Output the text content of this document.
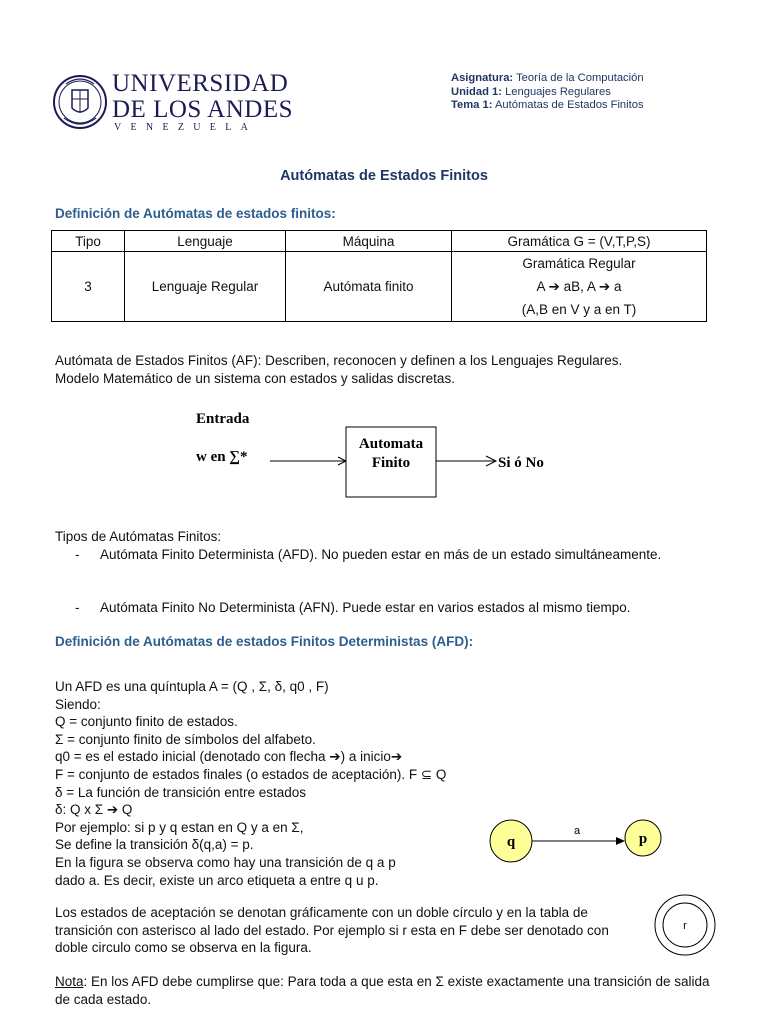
UNIVERSIDAD
DE LOS ANDES
VENEZUELA
Asignatura: Teoría de la Computación
Unidad 1: Lenguajes Regulares
Tema 1: Autómatas de Estados Finitos
Autómatas de Estados Finitos
Definición de Autómatas de estados finitos:
Tipo	Lenguaje	Máquina	Gramática G = (V,T,P,S)
3	Lenguaje Regular	Autómata finito	Gramática Regular
A ➔ aB, A ➔ a
(A,B en V y a en T)
Autómata de Estados Finitos (AF): Describen, reconocen y definen a los Lenguajes Regulares.
Modelo Matemático de un sistema con estados y salidas discretas.
Entrada
w en ∑*
Automata
Finito	Si ó No
Tipos de Autómatas Finitos:
- Autómata Finito Determinista (AFD). No pueden estar en más de un estado simultáneamente.
- Autómata Finito No Determinista (AFN). Puede estar en varios estados al mismo tiempo.
Definición de Autómatas de estados Finitos Deterministas (AFD):
Un AFD es una quíntupla A = (Q , Σ, δ, q0 , F)
Siendo:
Q = conjunto finito de estados.
Σ = conjunto finito de símbolos del alfabeto.
q0 = es el estado inicial (denotado con flecha ➔) a inicio➔
F = conjunto de estados finales (o estados de aceptación). F ⊆ Q
δ = La función de transición entre estados
δ: Q x Σ ➔ Q
Por ejemplo: si p y q estan en Q y a en Σ,
Se define la transición δ(q,a) = p.
En la figura se observa como hay una transición de q a p
dado a. Es decir, existe un arco etiqueta a entre q u p.
q
a	p
Los estados de aceptación se denotan gráficamente con un doble círculo y en la tabla de transición con asterisco al lado del estado. Por ejemplo si r esta en F debe ser denotado con doble circulo como se observa en la figura.
r
Nota: En los AFD debe cumplirse que: Para toda a que esta en Σ existe exactamente una transición de salida de cada estado.
